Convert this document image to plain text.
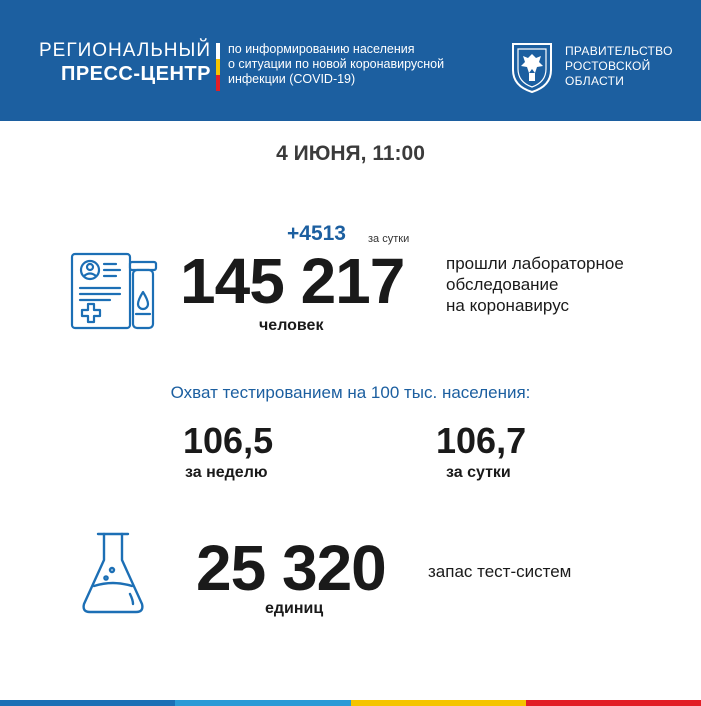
РЕГИОНАЛЬНЫЙ
ПРЕСС-ЦЕНТР
по информированию населения
о ситуации по новой коронавирусной
инфекции (COVID-19)
ПРАВИТЕЛЬСТВО
РОСТОВСКОЙ
ОБЛАСТИ
4 ИЮНЯ, 11:00
+4513 за сутки
145 217
человек
прошли лабораторное
обследование
на коронавирус
Охват тестированием на 100 тыс. населения:
106,5
за неделю
106,7
за сутки
25 320
единиц
запас тест-систем
